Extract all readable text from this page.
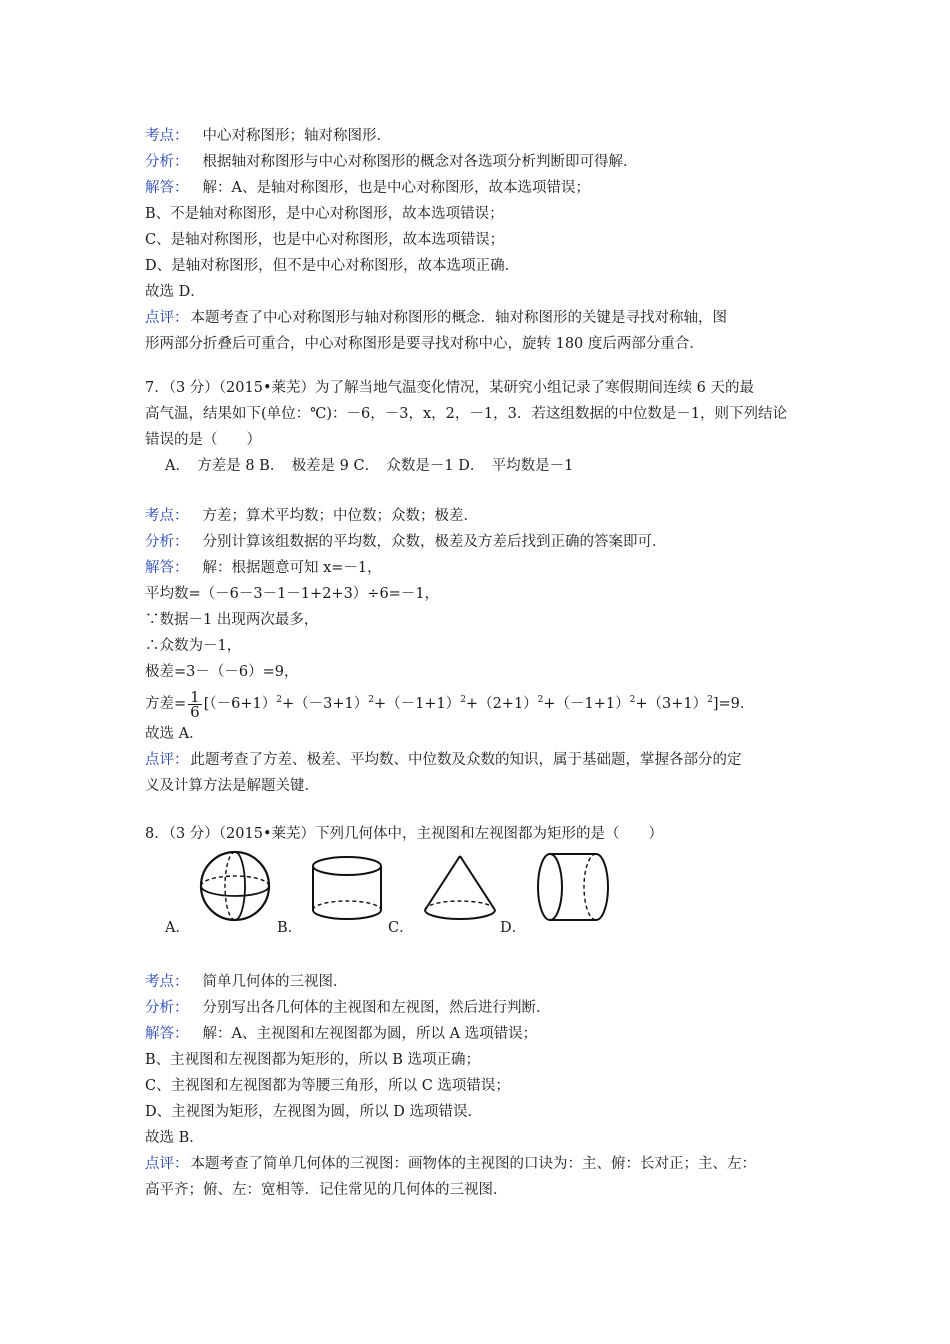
考点： 中心对称图形；轴对称图形．
分析： 根据轴对称图形与中心对称图形的概念对各选项分析判断即可得解．
解答： 解：A、是轴对称图形，也是中心对称图形，故本选项错误；
B、不是轴对称图形，是中心对称图形，故本选项错误；
C、是轴对称图形，也是中心对称图形，故本选项错误；
D、是轴对称图形，但不是中心对称图形，故本选项正确．
故选 D．
点评： 本题考查了中心对称图形与轴对称图形的概念．轴对称图形的关键是寻找对称轴，图
形两部分折叠后可重合，中心对称图形是要寻找对称中心，旋转 180 度后两部分重合．
7．（3 分）（2015•莱芜）为了解当地气温变化情况，某研究小组记录了寒假期间连续 6 天的最
高气温，结果如下(单位：℃)：－6，－3，x，2，－1，3．若这组数据的中位数是－1，则下列结论
错误的是（　　）
A．　方差是 8 B．　极差是 9 C．　众数是－1 D．　平均数是－1
考点： 方差；算术平均数；中位数；众数；极差．
分析： 分别计算该组数据的平均数，众数，极差及方差后找到正确的答案即可．
解答： 解：根据题意可知 x=－1，
平均数=（－6－3－1－1+2+3）÷6=－1，
∵数据－1 出现两次最多，
∴众数为－1，
极差=3－（－6）=9，
方差= $\frac{1}{6} [(-6+1)^2+(-3+1)^2+(-1+1)^2+(2+1)^2+(-1+1)^2+(3+1)^2]=9$．
故选 A．
点评： 此题考查了方差、极差、平均数、中位数及众数的知识，属于基础题，掌握各部分的定
义及计算方法是解题关键．
8．（3 分）（2015•莱芜）下列几何体中，主视图和左视图都为矩形的是（　　）
A．	B．	C．	D．
考点： 简单几何体的三视图．
分析： 分别写出各几何体的主视图和左视图，然后进行判断．
解答： 解：A、主视图和左视图都为圆，所以 A 选项错误；
B、主视图和左视图都为矩形的，所以 B 选项正确；
C、主视图和左视图都为等腰三角形，所以 C 选项错误；
D、主视图为矩形，左视图为圆，所以 D 选项错误．
故选 B．
点评： 本题考查了简单几何体的三视图：画物体的主视图的口诀为：主、俯：长对正；主、左：
高平齐；俯、左：宽相等．记住常见的几何体的三视图．
